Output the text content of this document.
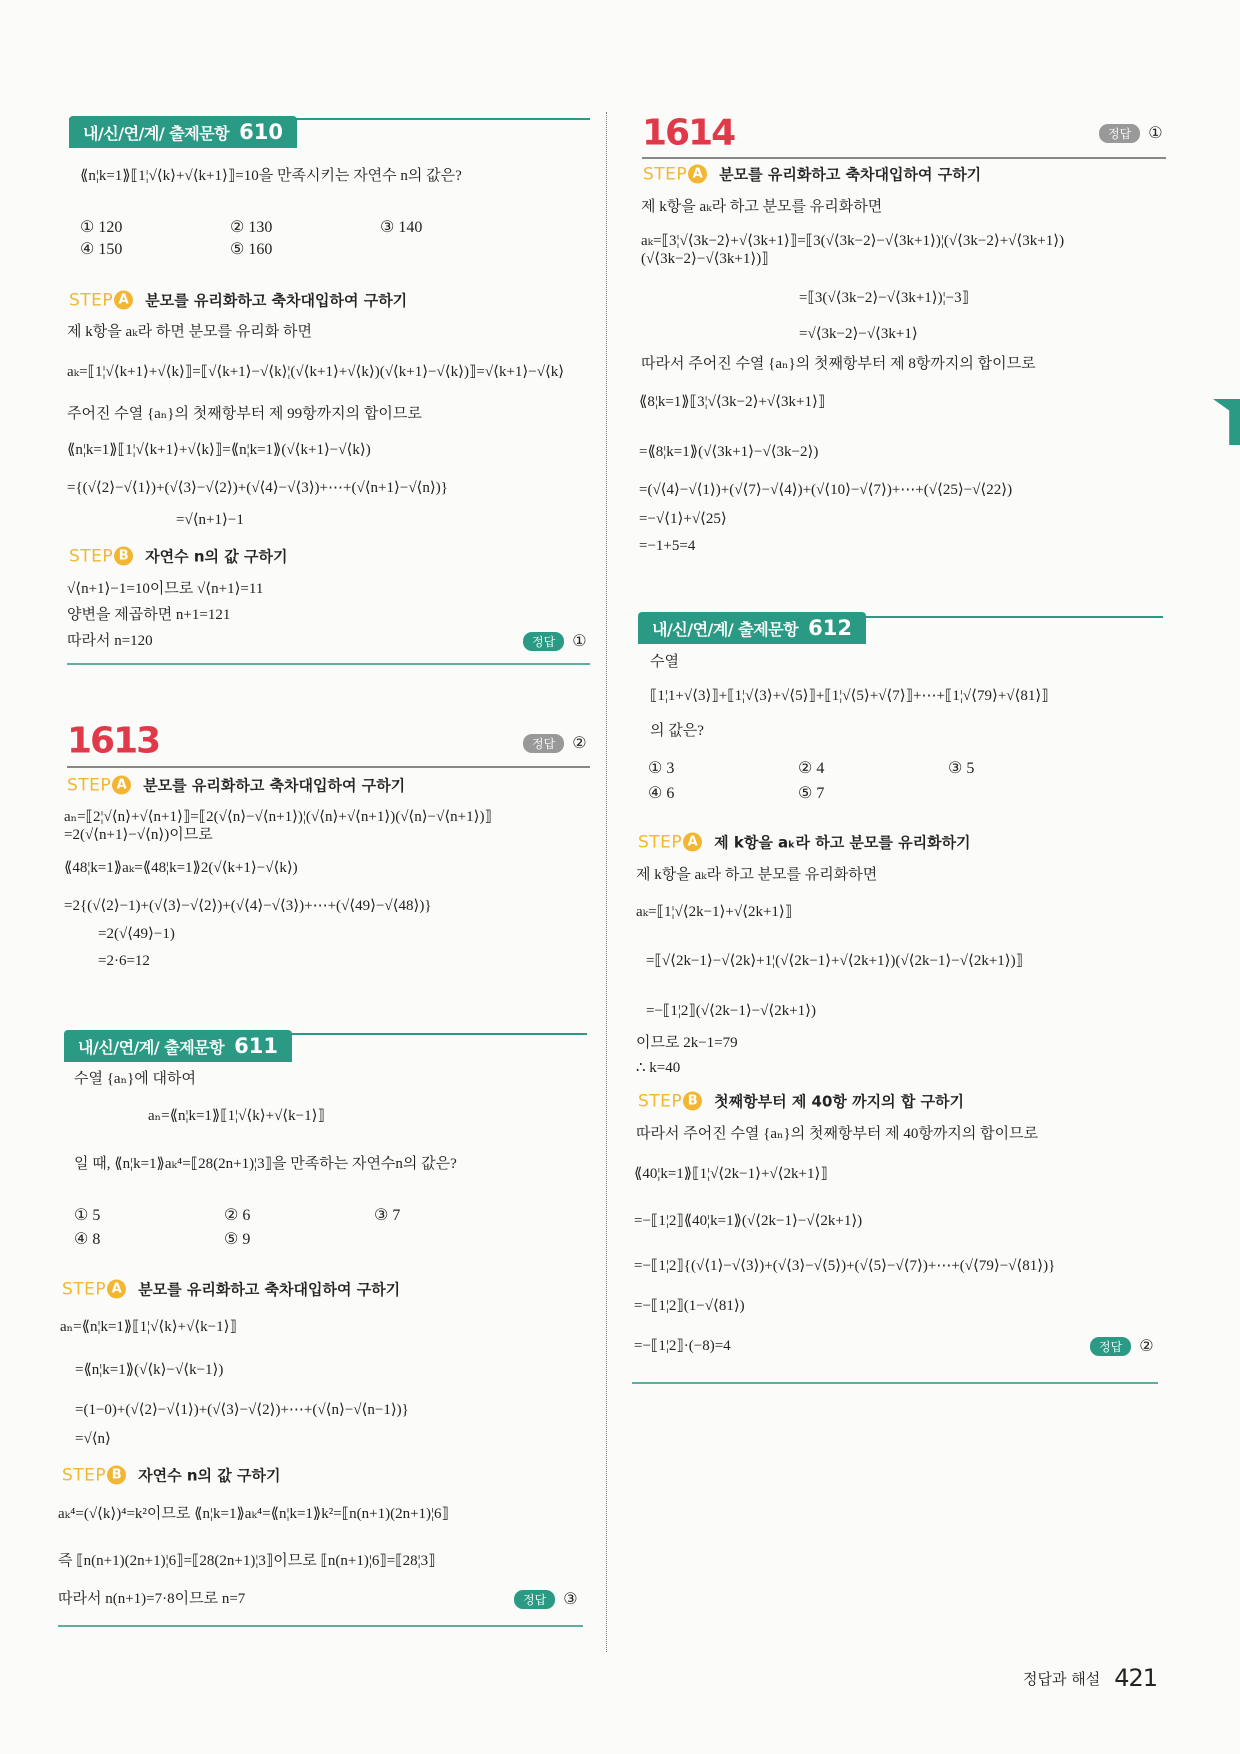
내/신/연/계/ 출제문항 610
⟪n¦k=1⟫⟦1¦√⟨k⟩+√⟨k+1⟩⟧=10을 만족시키는 자연수 n의 값은?
① 120	② 130	③ 140
④ 150	⑤ 160
STEP A 분모를 유리화하고 축차대입하여 구하기
제 k항을 aₖ라 하면 분모를 유리화 하면
aₖ=⟦1¦√⟨k+1⟩+√⟨k⟩⟧=⟦√⟨k+1⟩−√⟨k⟩¦(√⟨k+1⟩+√⟨k⟩)(√⟨k+1⟩−√⟨k⟩)⟧=√⟨k+1⟩−√⟨k⟩
주어진 수열 {aₙ}의 첫째항부터 제 99항까지의 합이므로
⟪n¦k=1⟫⟦1¦√⟨k+1⟩+√⟨k⟩⟧=⟪n¦k=1⟫(√⟨k+1⟩−√⟨k⟩)
={(√⟨2⟩−√⟨1⟩)+(√⟨3⟩−√⟨2⟩)+(√⟨4⟩−√⟨3⟩)+⋯+(√⟨n+1⟩−√⟨n⟩)}
=√⟨n+1⟩−1
STEP B	자연수 n의 값 구하기
√⟨n+1⟩−1=10이므로 √⟨n+1⟩=11
양변을 제곱하면 n+1=121
따라서 n=120	정답	①
1613	정답	②
STEP A 분모를 유리화하고 축차대입하여 구하기
aₙ=⟦2¦√⟨n⟩+√⟨n+1⟩⟧=⟦2(√⟨n⟩−√⟨n+1⟩)¦(√⟨n⟩+√⟨n+1⟩)(√⟨n⟩−√⟨n+1⟩)⟧=2(√⟨n+1⟩−√⟨n⟩)이므로
⟪48¦k=1⟫aₖ=⟪48¦k=1⟫2(√⟨k+1⟩−√⟨k⟩)
=2{(√⟨2⟩−1)+(√⟨3⟩−√⟨2⟩)+(√⟨4⟩−√⟨3⟩)+⋯+(√⟨49⟩−√⟨48⟩)}
=2(√⟨49⟩−1)
=2·6=12
내/신/연/계/ 출제문항 611
수열 {aₙ}에 대하여
aₙ=⟪n¦k=1⟫⟦1¦√⟨k⟩+√⟨k−1⟩⟧
일 때, ⟪n¦k=1⟫aₖ⁴=⟦28(2n+1)¦3⟧을 만족하는 자연수n의 값은?
① 5	② 6	③ 7
④ 8	⑤ 9
STEP A 분모를 유리화하고 축차대입하여 구하기
aₙ=⟪n¦k=1⟫⟦1¦√⟨k⟩+√⟨k−1⟩⟧
=⟪n¦k=1⟫(√⟨k⟩−√⟨k−1⟩)
=(1−0)+(√⟨2⟩−√⟨1⟩)+(√⟨3⟩−√⟨2⟩)+⋯+(√⟨n⟩−√⟨n−1⟩)}
=√⟨n⟩
STEP B	자연수 n의 값 구하기
aₖ⁴=(√⟨k⟩)⁴=k²이므로 ⟪n¦k=1⟫aₖ⁴=⟪n¦k=1⟫k²=⟦n(n+1)(2n+1)¦6⟧
즉 ⟦n(n+1)(2n+1)¦6⟧=⟦28(2n+1)¦3⟧이므로 ⟦n(n+1)¦6⟧=⟦28¦3⟧
따라서 n(n+1)=7·8이므로 n=7	정답	③
1614	정답	①
STEP A 분모를 유리화하고 축차대입하여 구하기
제 k항을 aₖ라 하고 분모를 유리화하면
aₖ=⟦3¦√⟨3k−2⟩+√⟨3k+1⟩⟧=⟦3(√⟨3k−2⟩−√⟨3k+1⟩)¦(√⟨3k−2⟩+√⟨3k+1⟩)(√⟨3k−2⟩−√⟨3k+1⟩)⟧
=⟦3(√⟨3k−2⟩−√⟨3k+1⟩)¦−3⟧
=√⟨3k−2⟩−√⟨3k+1⟩
따라서 주어진 수열 {aₙ}의 첫째항부터 제 8항까지의 합이므로
⟪8¦k=1⟫⟦3¦√⟨3k−2⟩+√⟨3k+1⟩⟧
=⟪8¦k=1⟫(√⟨3k+1⟩−√⟨3k−2⟩)
=(√⟨4⟩−√⟨1⟩)+(√⟨7⟩−√⟨4⟩)+(√⟨10⟩−√⟨7⟩)+⋯+(√⟨25⟩−√⟨22⟩)
=−√⟨1⟩+√⟨25⟩
=−1+5=4
내/신/연/계/ 출제문항 612
수열
⟦1¦1+√⟨3⟩⟧+⟦1¦√⟨3⟩+√⟨5⟩⟧+⟦1¦√⟨5⟩+√⟨7⟩⟧+⋯+⟦1¦√⟨79⟩+√⟨81⟩⟧
의 값은?
① 3	② 4	③ 5
④ 6	⑤ 7
STEP A 제 k항을 aₖ라 하고 분모를 유리화하기
제 k항을 aₖ라 하고 분모를 유리화하면
aₖ=⟦1¦√⟨2k−1⟩+√⟨2k+1⟩⟧
=⟦√⟨2k−1⟩−√⟨2k⟩+1¦(√⟨2k−1⟩+√⟨2k+1⟩)(√⟨2k−1⟩−√⟨2k+1⟩)⟧
=−⟦1¦2⟧(√⟨2k−1⟩−√⟨2k+1⟩)
이므로 2k−1=79
∴ k=40
STEP B	첫째항부터 제 40항 까지의 합 구하기
따라서 주어진 수열 {aₙ}의 첫째항부터 제 40항까지의 합이므로
⟪40¦k=1⟫⟦1¦√⟨2k−1⟩+√⟨2k+1⟩⟧
=−⟦1¦2⟧⟪40¦k=1⟫(√⟨2k−1⟩−√⟨2k+1⟩)
=−⟦1¦2⟧{(√⟨1⟩−√⟨3⟩)+(√⟨3⟩−√⟨5⟩)+(√⟨5⟩−√⟨7⟩)+⋯+(√⟨79⟩−√⟨81⟩)}
=−⟦1¦2⟧(1−√⟨81⟩)
=−⟦1¦2⟧·(−8)=4	정답	②
정답과 해설 421
